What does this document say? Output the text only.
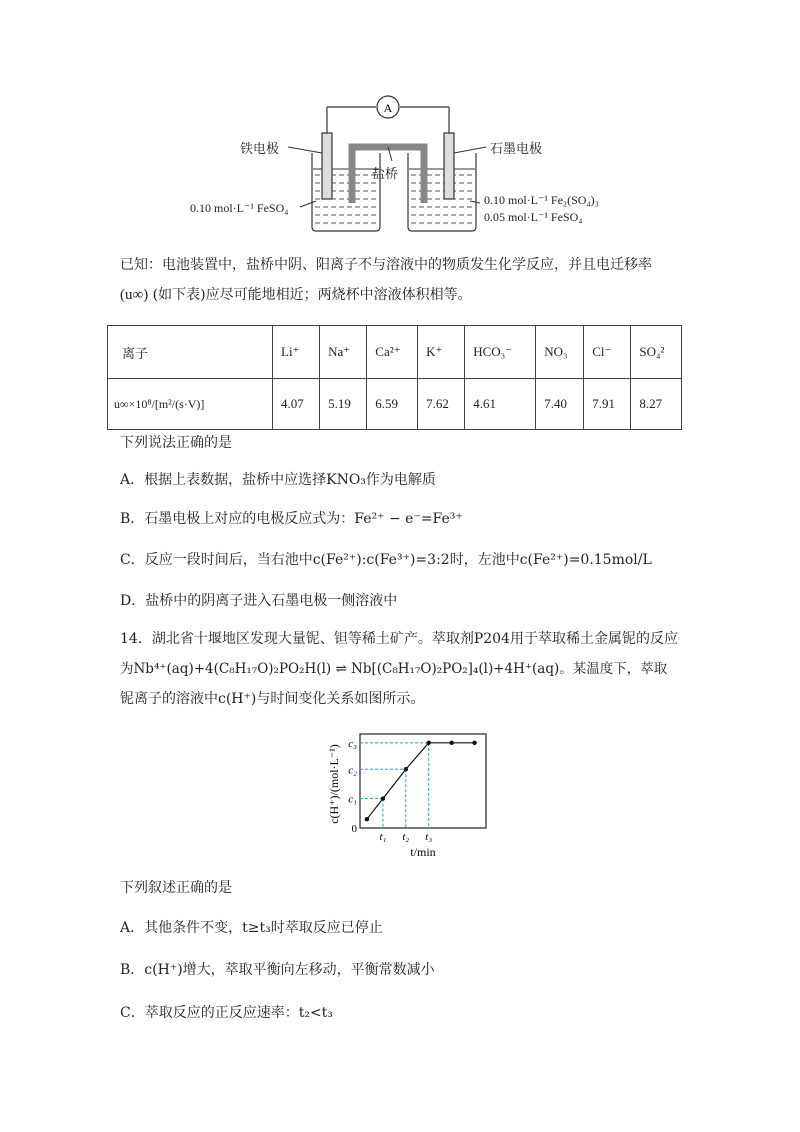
A
铁电极	石墨电极
盐桥
0.10 mol·L⁻¹ FeSO₄
0.10 mol·L⁻¹ Fe₂(SO₄)₃
0.05 mol·L⁻¹ FeSO₄
已知：电池装置中，盐桥中阴、阳离子不与溶液中的物质发生化学反应，并且电迁移率
(u∞) (如下表)应尽可能地相近；两烧杯中溶液体积相等。
离子	Li⁺	Na⁺	Ca²⁺	K⁺	HCO₃⁻	NO₃	Cl⁻	SO₄²
u∞×10⁸/[m²/(s·V)]	4.07	5.19	6.59	7.62	4.61	7.40	7.91	8.27
下列说法正确的是
A．根据上表数据，盐桥中应选择KNO₃作为电解质
B．石墨电极上对应的电极反应式为：Fe²⁺ − e⁻=Fe³⁺
C．反应一段时间后，当右池中c(Fe²⁺):c(Fe³⁺)=3:2时，左池中c(Fe²⁺)=0.15mol/L
D．盐桥中的阴离子进入石墨电极一侧溶液中
14．湖北省十堰地区发现大量铌、钽等稀土矿产。萃取剂P204用于萃取稀土金属铌的反应
为Nb⁴⁺(aq)+4(C₈H₁₇O)₂PO₂H(l) ⇌ Nb[(C₈H₁₇O)₂PO₂]₄(l)+4H⁺(aq)。某温度下，萃取
铌离子的溶液中c(H⁺)与时间变化关系如图所示。
t₁
c₁
t₂
c₂
t₃
c₃
0
c(H⁺)/(mol·L⁻¹)
t/min
下列叙述正确的是
A．其他条件不变，t≥t₃时萃取反应已停止
B．c(H⁺)增大，萃取平衡向左移动，平衡常数减小
C．萃取反应的正反应速率：t₂<t₃
